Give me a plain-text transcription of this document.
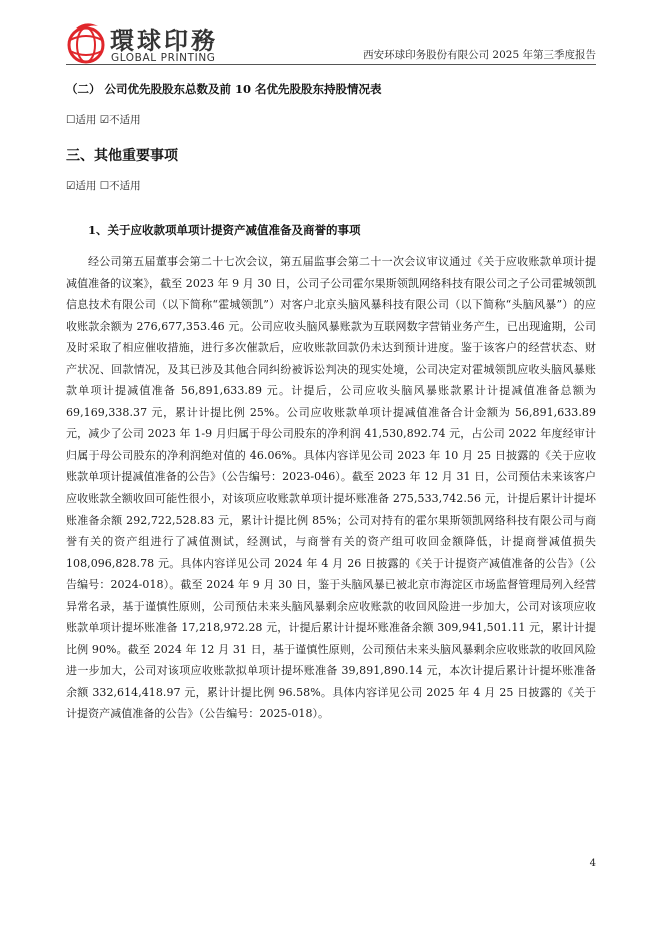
環球印務
GLOBAL PRINTING	西安环球印务股份有限公司 2025 年第三季度报告
（二） 公司优先股股东总数及前 10 名优先股股东持股情况表
☐适用 ☑不适用
三、其他重要事项
☑适用 ☐不适用
1、关于应收款项单项计提资产减值准备及商誉的事项

经公司第五届董事会第二十七次会议，第五届监事会第二十一次会议审议通过《关于应收账款单项计提减值准备的议案》，截至 2023 年 9 月 30 日，公司子公司霍尔果斯领凯网络科技有限公司之子公司霍城领凯信息技术有限公司（以下简称“霍城领凯”）对客户北京头脑风暴科技有限公司（以下简称“头脑风暴”）的应收账款余额为 276,677,353.46 元。公司应收头脑风暴账款为互联网数字营销业务产生，已出现逾期，公司及时采取了相应催收措施，进行多次催款后，应收账款回款仍未达到预计进度。鉴于该客户的经营状态、财产状况、回款情况，及其已涉及其他合同纠纷被诉讼判决的现实处境，公司决定对霍城领凯应收头脑风暴账款单项计提减值准备 56,891,633.89 元。计提后，公司应收头脑风暴账款累计计提减值准备总额为 69,169,338.37 元，累计计提比例 25%。公司应收账款单项计提减值准备合计金额为 56,891,633.89 元，减少了公司 2023 年 1-9 月归属于母公司股东的净利润 41,530,892.74 元，占公司 2022 年度经审计归属于母公司股东的净利润绝对值的 46.06%。具体内容详见公司 2023 年 10 月 25 日披露的《关于应收账款单项计提减值准备的公告》（公告编号：2023-046）。截至 2023 年 12 月 31 日，公司预估未来该客户应收账款全额收回可能性很小，对该项应收账款单项计提坏账准备 275,533,742.56 元，计提后累计计提坏账准备余额 292,722,528.83 元，累计计提比例 85%；公司对持有的霍尔果斯领凯网络科技有限公司与商誉有关的资产组进行了减值测试，经测试，与商誉有关的资产组可收回金额降低，计提商誉减值损失 108,096,828.78 元。具体内容详见公司 2024 年 4 月 26 日披露的《关于计提资产减值准备的公告》（公告编号：2024-018）。截至 2024 年 9 月 30 日，鉴于头脑风暴已被北京市海淀区市场监督管理局列入经营异常名录，基于谨慎性原则，公司预估未来头脑风暴剩余应收账款的收回风险进一步加大，公司对该项应收账款单项计提坏账准备 17,218,972.28 元，计提后累计计提坏账准备余额 309,941,501.11 元，累计计提比例 90%。截至 2024 年 12 月 31 日，基于谨慎性原则，公司预估未来头脑风暴剩余应收账款的收回风险进一步加大，公司对该项应收账款拟单项计提坏账准备 39,891,890.14 元，本次计提后累计计提坏账准备余额 332,614,418.97 元，累计计提比例 96.58%。具体内容详见公司 2025 年 4 月 25 日披露的《关于计提资产减值准备的公告》（公告编号：2025-018）。

4
